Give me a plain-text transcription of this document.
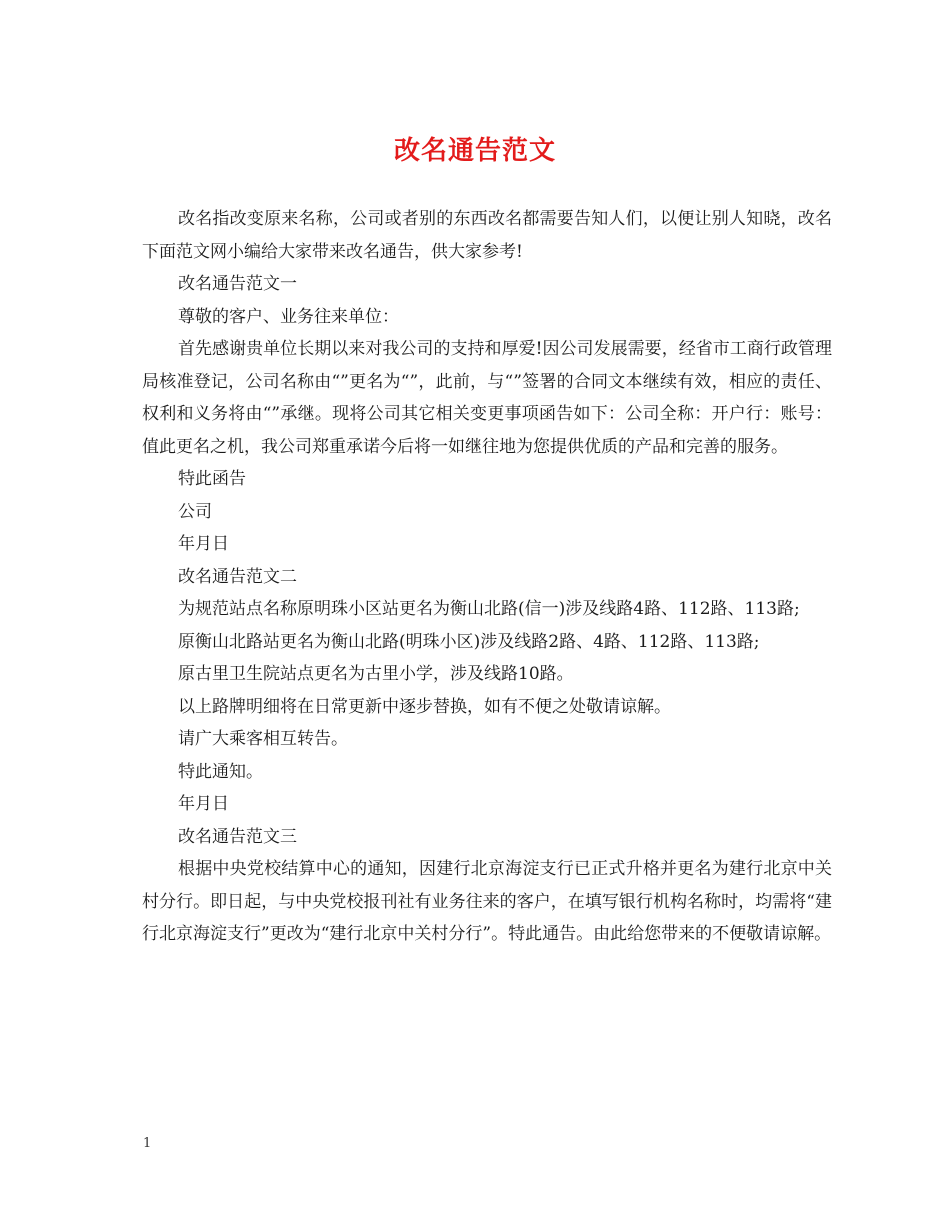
改名通告范文

改名指改变原来名称，公司或者别的东西改名都需要告知人们，以便让别人知晓，改名下面范文网小编给大家带来改名通告，供大家参考!

改名通告范文一

尊敬的客户、业务往来单位：

首先感谢贵单位长期以来对我公司的支持和厚爱!因公司发展需要，经省市工商行政管理局核准登记，公司名称由“”更名为“”，此前，与“”签署的合同文本继续有效，相应的责任、权利和义务将由“”承继。现将公司其它相关变更事项函告如下：公司全称：开户行：账号： 值此更名之机，我公司郑重承诺今后将一如继往地为您提供优质的产品和完善的服务。

特此函告

公司

年月日

改名通告范文二

为规范站点名称原明珠小区站更名为衡山北路(信一)涉及线路4路、112路、113路;

原衡山北路站更名为衡山北路(明珠小区)涉及线路2路、4路、112路、113路;

原古里卫生院站点更名为古里小学，涉及线路10路。

以上路牌明细将在日常更新中逐步替换，如有不便之处敬请谅解。

请广大乘客相互转告。

特此通知。

年月日

改名通告范文三

根据中央党校结算中心的通知，因建行北京海淀支行已正式升格并更名为建行北京中关村分行。即日起，与中央党校报刊社有业务往来的客户，在填写银行机构名称时，均需将“建行北京海淀支行”更改为“建行北京中关村分行”。特此通告。由此给您带来的不便敬请谅解。

1
